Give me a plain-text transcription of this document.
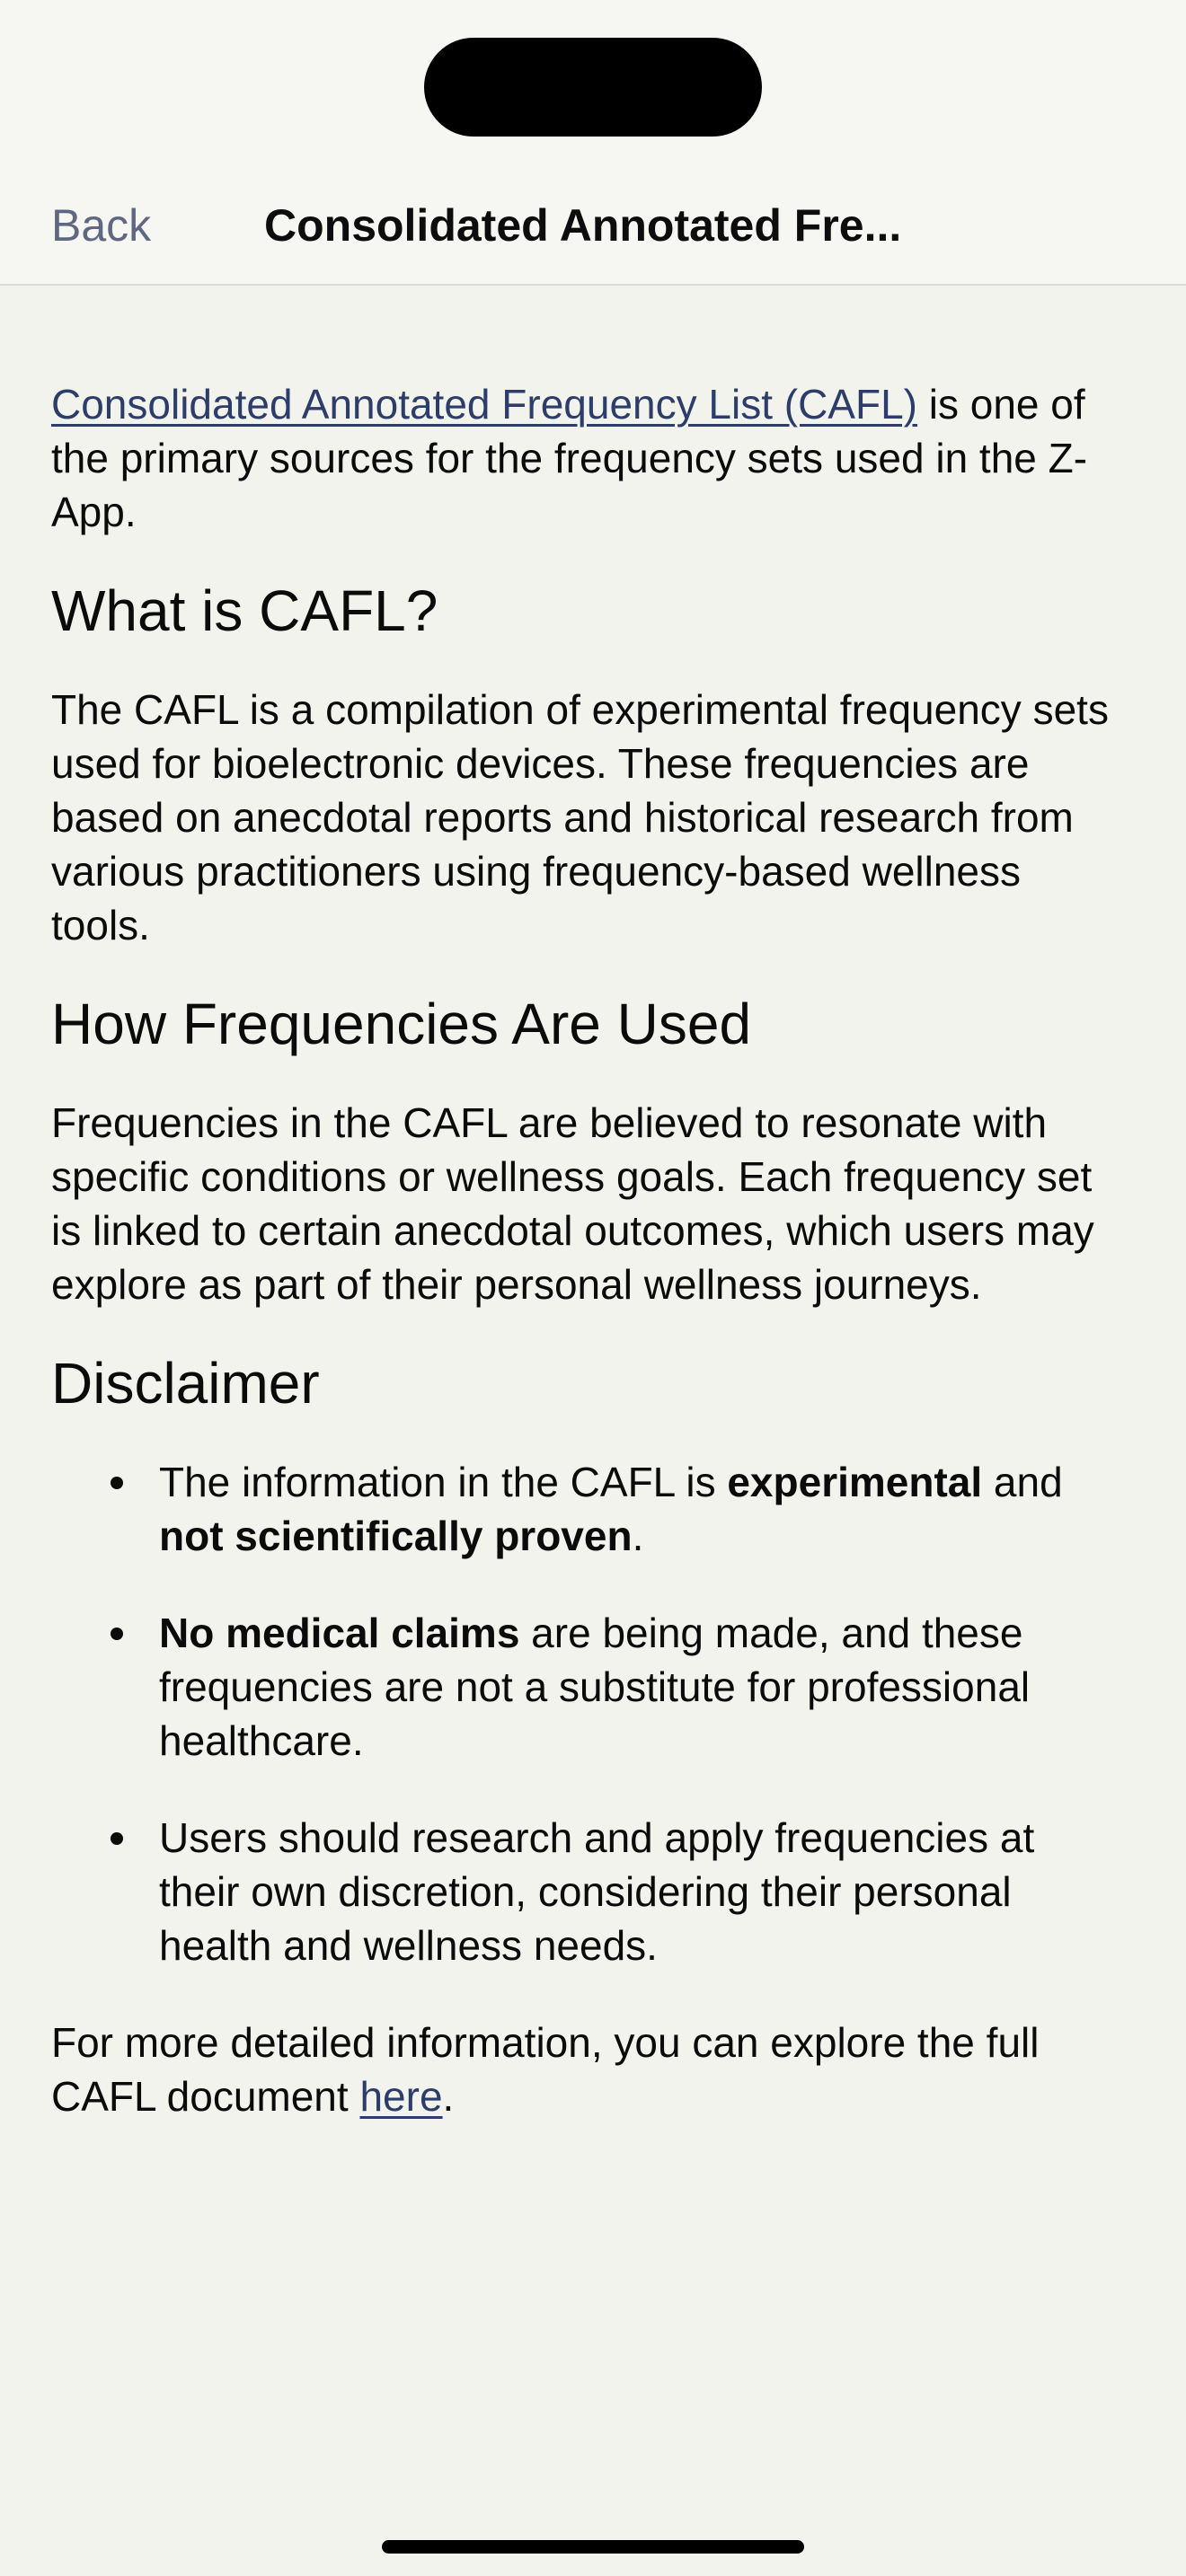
Back	Consolidated Annotated Fre...

Consolidated Annotated Frequency List (CAFL) is one of the primary sources for the frequency sets used in the Z-App.

What is CAFL?

The CAFL is a compilation of experimental frequency sets used for bioelectronic devices. These frequencies are based on anecdotal reports and historical research from various practitioners using frequency-based wellness tools.

How Frequencies Are Used

Frequencies in the CAFL are believed to resonate with specific conditions or wellness goals. Each frequency set is linked to certain anecdotal outcomes, which users may explore as part of their personal wellness journeys.

Disclaimer
The information in the CAFL is experimental and not scientifically proven.
No medical claims are being made, and these frequencies are not a substitute for professional healthcare.
Users should research and apply frequencies at their own discretion, considering their personal health and wellness needs.

For more detailed information, you can explore the full CAFL document here.
